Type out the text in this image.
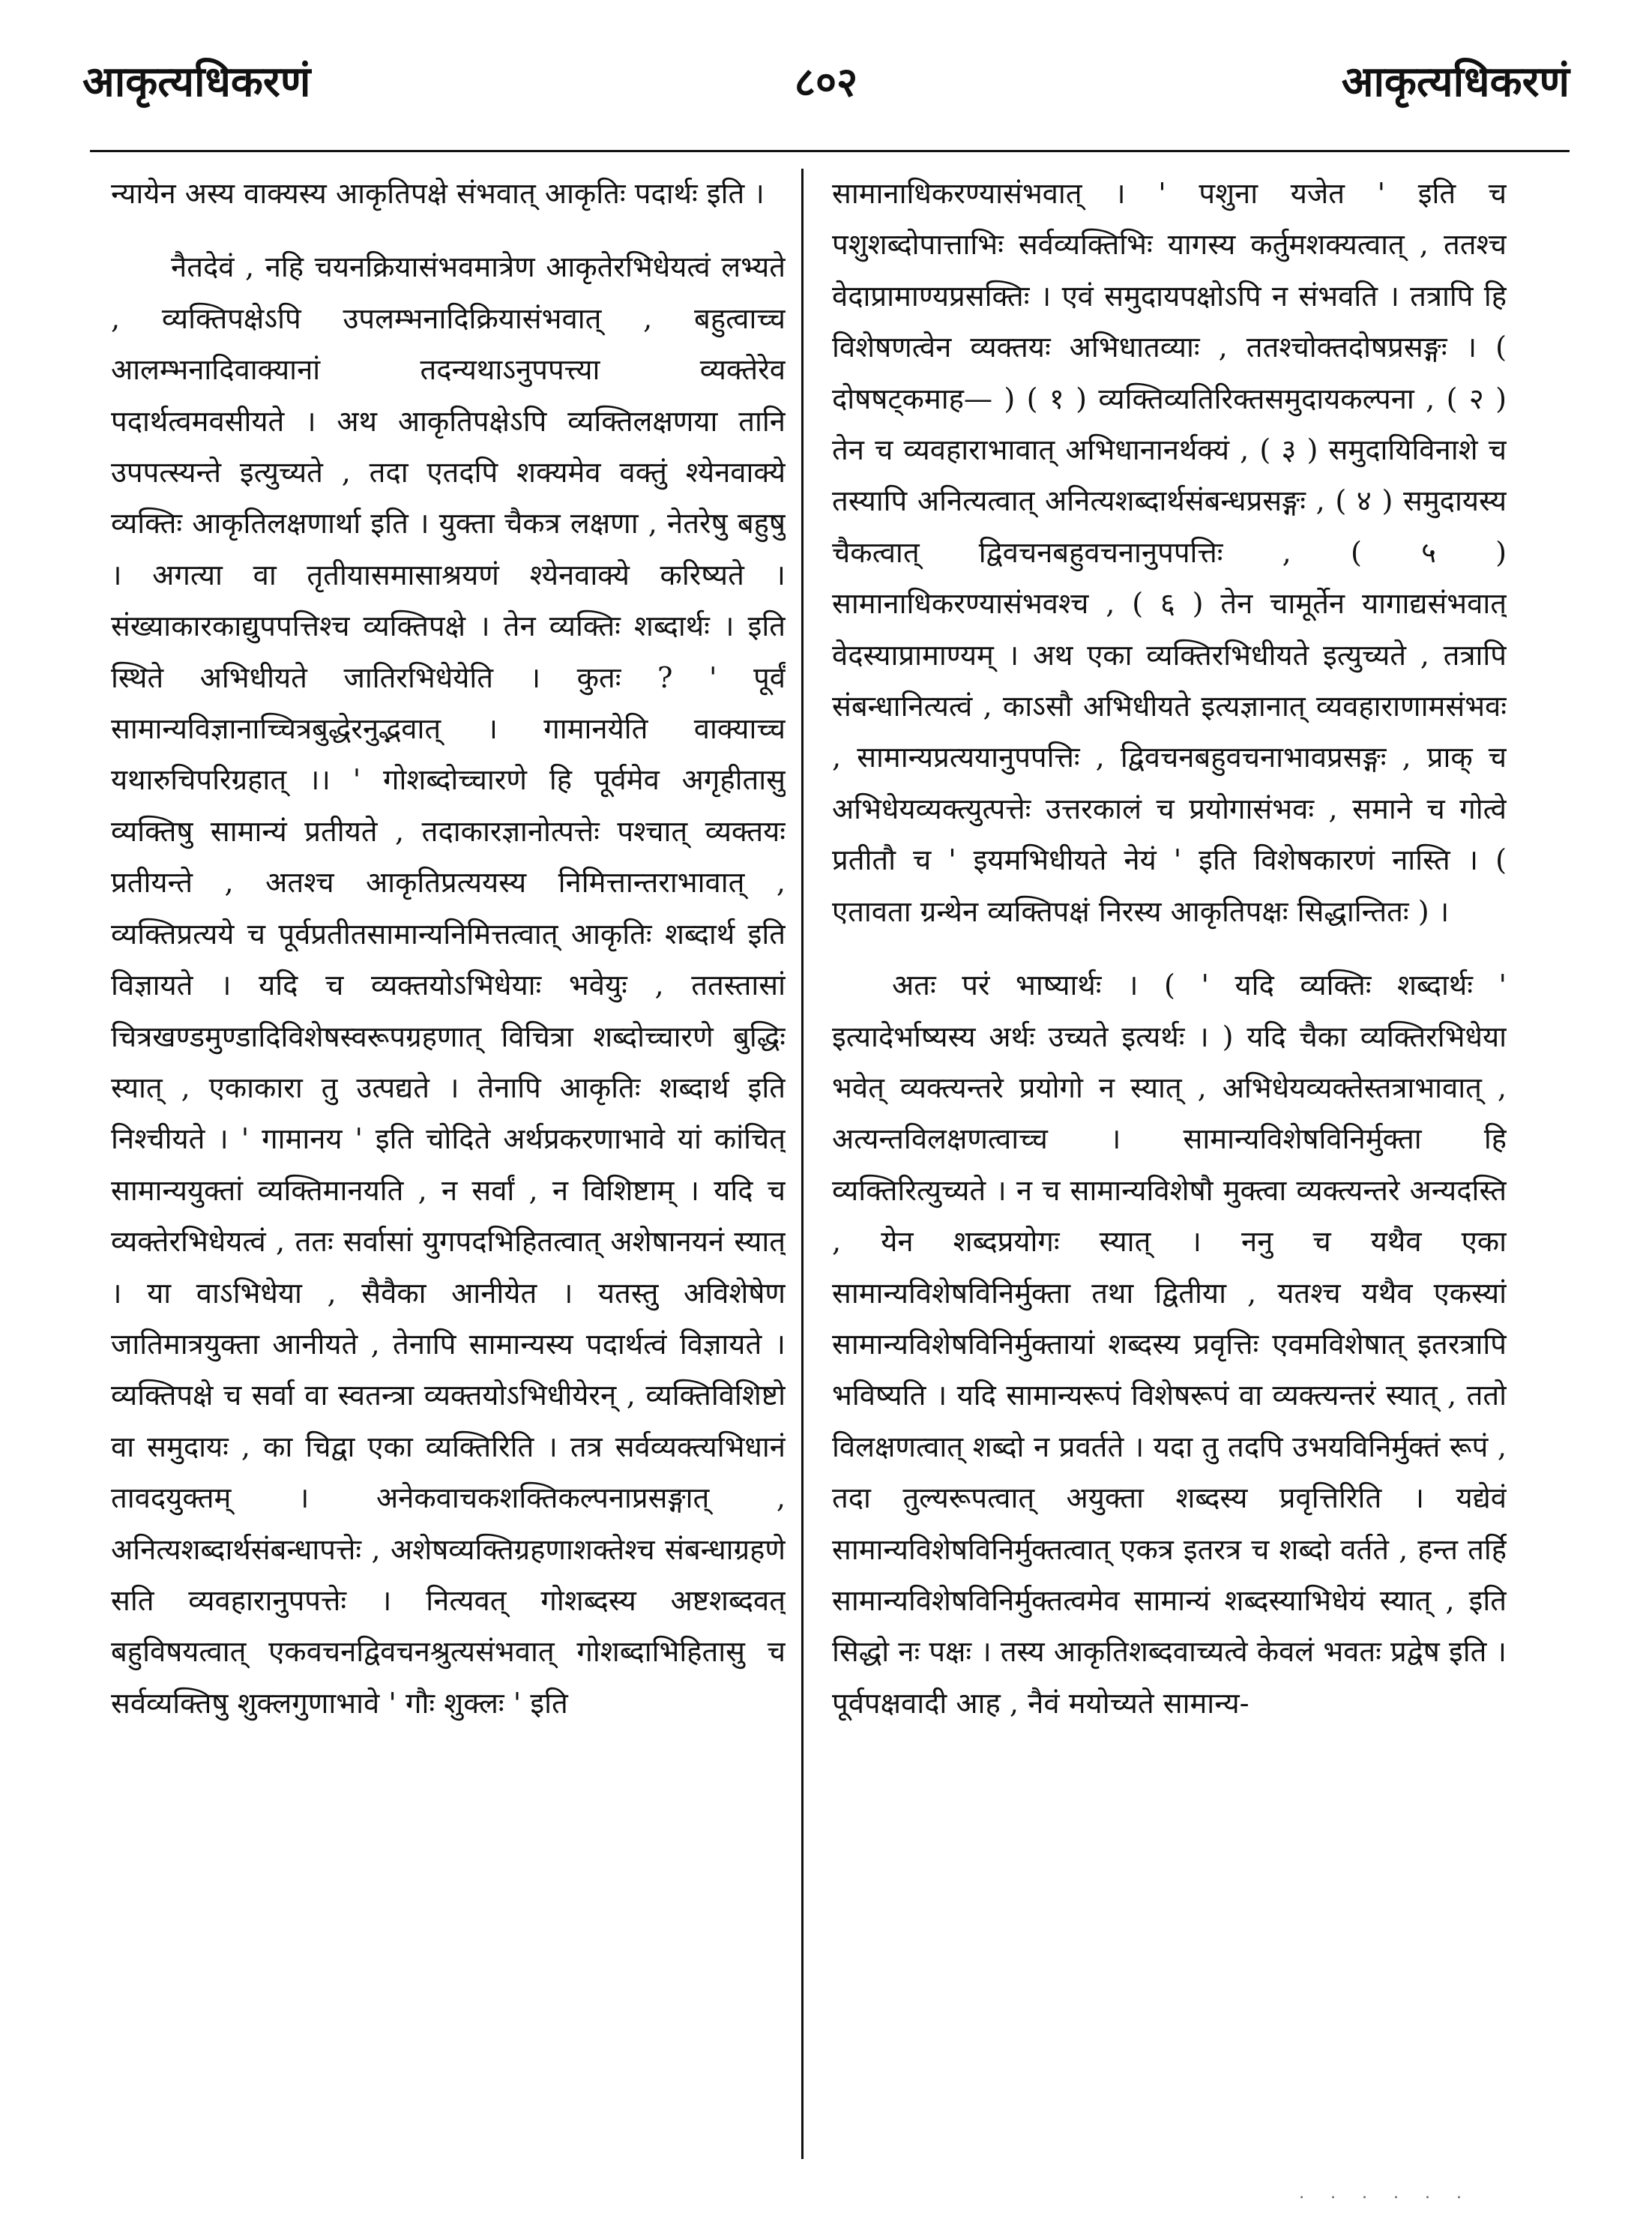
आकृत्यधिकरणं	८०२	आकृत्यधिकरणं

न्यायेन अस्य वाक्यस्य आकृतिपक्षे संभवात् आकृतिः पदार्थः इति ।

नैतदेवं , नहि चयनक्रियासंभवमात्रेण आकृतेरभिधेयत्वं लभ्यते , व्यक्तिपक्षेऽपि उपलम्भनादिक्रियासंभवात् , बहुत्वाच्च आलम्भनादिवाक्यानां तदन्यथाऽनुपपत्त्या व्यक्तेरेव पदार्थत्वमवसीयते । अथ आकृतिपक्षेऽपि व्यक्तिलक्षणया तानि उपपत्स्यन्ते इत्युच्यते , तदा एतदपि शक्यमेव वक्तुं श्येनवाक्ये व्यक्तिः आकृतिलक्षणार्था इति । युक्ता चैकत्र लक्षणा , नेतरेषु बहुषु । अगत्या वा तृतीयासमासाश्रयणं श्येनवाक्ये करिष्यते । संख्याकारकाद्युपपत्तिश्च व्यक्तिपक्षे । तेन व्यक्तिः शब्दार्थः । इति स्थिते अभिधीयते जातिरभिधेयेति । कुतः ? ' पूर्वं सामान्यविज्ञानाच्चित्रबुद्धेरनुद्भवात् । गामानयेति वाक्याच्च यथारुचिपरिग्रहात् ।। ' गोशब्दोच्चारणे हि पूर्वमेव अगृहीतासु व्यक्तिषु सामान्यं प्रतीयते , तदाकारज्ञानोत्पत्तेः पश्चात् व्यक्तयः प्रतीयन्ते , अतश्च आकृतिप्रत्ययस्य निमित्तान्तराभावात् , व्यक्तिप्रत्यये च पूर्वप्रतीतसामान्यनिमित्तत्वात् आकृतिः शब्दार्थ इति विज्ञायते । यदि च व्यक्तयोऽभिधेयाः भवेयुः , ततस्तासां चित्रखण्डमुण्डादिविशेषस्वरूपग्रहणात् विचित्रा शब्दोच्चारणे बुद्धिः स्यात् , एकाकारा तु उत्पद्यते । तेनापि आकृतिः शब्दार्थ इति निश्चीयते । ' गामानय ' इति चोदिते अर्थप्रकरणाभावे यां कांचित् सामान्ययुक्तां व्यक्तिमानयति , न सर्वां , न विशिष्टाम् । यदि च व्यक्तेरभिधेयत्वं , ततः सर्वासां युगपदभिहितत्वात् अशेषानयनं स्यात् । या वाऽभिधेया , सैवैका आनीयेत । यतस्तु अविशेषेण जातिमात्रयुक्ता आनीयते , तेनापि सामान्यस्य पदार्थत्वं विज्ञायते । व्यक्तिपक्षे च सर्वा वा स्वतन्त्रा व्यक्तयोऽभिधीयेरन् , व्यक्तिविशिष्टो वा समुदायः , का चिद्वा एका व्यक्तिरिति । तत्र सर्वव्यक्त्यभिधानं तावदयुक्तम् । अनेकवाचकशक्तिकल्पनाप्रसङ्गात् , अनित्यशब्दार्थसंबन्धापत्तेः , अशेषव्यक्तिग्रहणाशक्तेश्च संबन्धाग्रहणे सति व्यवहारानुपपत्तेः । नित्यवत् गोशब्दस्य अष्टशब्दवत् बहुविषयत्वात् एकवचनद्विवचनश्रुत्यसंभवात् गोशब्दाभिहितासु च सर्वव्यक्तिषु शुक्लगुणाभावे ' गौः शुक्लः ' इति

सामानाधिकरण्यासंभवात् । ' पशुना यजेत ' इति च पशुशब्दोपात्ताभिः सर्वव्यक्तिभिः यागस्य कर्तुमशक्यत्वात् , ततश्च वेदाप्रामाण्यप्रसक्तिः । एवं समुदायपक्षोऽपि न संभवति । तत्रापि हि विशेषणत्वेन व्यक्तयः अभिधातव्याः , ततश्चोक्तदोषप्रसङ्गः । ( दोषषट्कमाह— ) ( १ ) व्यक्तिव्यतिरिक्तसमुदायकल्पना , ( २ ) तेन च व्यवहाराभावात् अभिधानानर्थक्यं , ( ३ ) समुदायिविनाशे च तस्यापि अनित्यत्वात् अनित्यशब्दार्थसंबन्धप्रसङ्गः , ( ४ ) समुदायस्य चैकत्वात् द्विवचनबहुवचनानुपपत्तिः , ( ५ ) सामानाधिकरण्यासंभवश्च , ( ६ ) तेन चामूर्तेन यागाद्यसंभवात् वेदस्याप्रामाण्यम् । अथ एका व्यक्तिरभिधीयते इत्युच्यते , तत्रापि संबन्धानित्यत्वं , काऽसौ अभिधीयते इत्यज्ञानात् व्यवहाराणामसंभवः , सामान्यप्रत्ययानुपपत्तिः , द्विवचनबहुवचनाभावप्रसङ्गः , प्राक् च अभिधेयव्यक्त्युत्पत्तेः उत्तरकालं च प्रयोगासंभवः , समाने च गोत्वे प्रतीतौ च ' इयमभिधीयते नेयं ' इति विशेषकारणं नास्ति । ( एतावता ग्रन्थेन व्यक्तिपक्षं निरस्य आकृतिपक्षः सिद्धान्तितः ) ।

अतः परं भाष्यार्थः । ( ' यदि व्यक्तिः शब्दार्थः ' इत्यादेर्भाष्यस्य अर्थः उच्यते इत्यर्थः । ) यदि चैका व्यक्तिरभिधेया भवेत् व्यक्त्यन्तरे प्रयोगो न स्यात् , अभिधेयव्यक्तेस्तत्राभावात् , अत्यन्तविलक्षणत्वाच्च । सामान्यविशेषविनिर्मुक्ता हि व्यक्तिरित्युच्यते । न च सामान्यविशेषौ मुक्त्वा व्यक्त्यन्तरे अन्यदस्ति , येन शब्दप्रयोगः स्यात् । ननु च यथैव एका सामान्यविशेषविनिर्मुक्ता तथा द्वितीया , यतश्च यथैव एकस्यां सामान्यविशेषविनिर्मुक्तायां शब्दस्य प्रवृत्तिः एवमविशेषात् इतरत्रापि भविष्यति । यदि सामान्यरूपं विशेषरूपं वा व्यक्त्यन्तरं स्यात् , ततो विलक्षणत्वात् शब्दो न प्रवर्तते । यदा तु तदपि उभयविनिर्मुक्तं रूपं , तदा तुल्यरूपत्वात् अयुक्ता शब्दस्य प्रवृत्तिरिति । यद्येवं सामान्यविशेषविनिर्मुक्तत्वात् एकत्र इतरत्र च शब्दो वर्तते , हन्त तर्हि सामान्यविशेषविनिर्मुक्तत्वमेव सामान्यं शब्दस्याभिधेयं स्यात् , इति सिद्धो नः पक्षः । तस्य आकृतिशब्दवाच्यत्वे केवलं भवतः प्रद्वेष इति । पूर्वपक्षवादी आह , नैवं मयोच्यते सामान्य-

. . . . . .
